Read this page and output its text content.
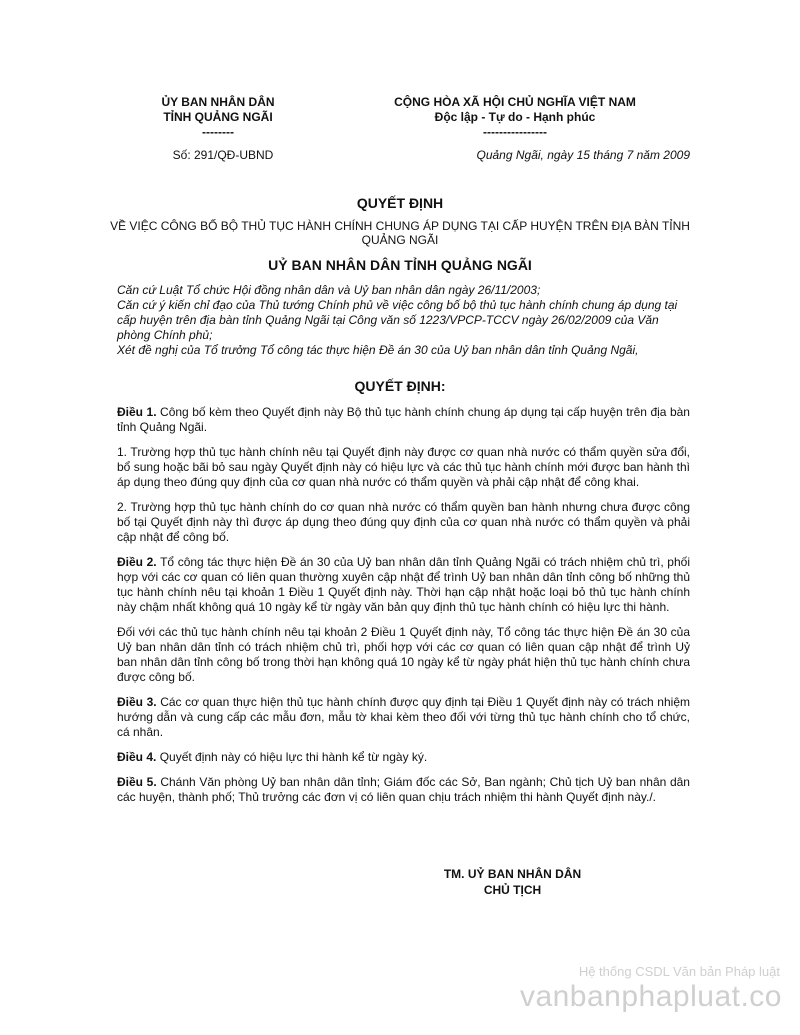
ỦY BAN NHÂN DÂN
TỈNH QUẢNG NGÃI
--------
CỘNG HÒA XÃ HỘI CHỦ NGHĨA VIỆT NAM
Độc lập - Tự do - Hạnh phúc
----------------
Số: 291/QĐ-UBND	Quảng Ngãi, ngày 15 tháng 7 năm 2009
QUYẾT ĐỊNH
VỀ VIỆC CÔNG BỐ BỘ THỦ TỤC HÀNH CHÍNH CHUNG ÁP DỤNG TẠI CẤP HUYỆN TRÊN ĐỊA BÀN TỈNH QUẢNG NGÃI
UỶ BAN NHÂN DÂN TỈNH QUẢNG NGÃI

Căn cứ Luật Tổ chức Hội đồng nhân dân và Uỷ ban nhân dân ngày 26/11/2003;

Căn cứ ý kiến chỉ đạo của Thủ tướng Chính phủ về việc công bố bộ thủ tục hành chính chung áp dụng tại cấp huyện trên địa bàn tỉnh Quảng Ngãi tại Công văn số 1223/VPCP-TCCV ngày 26/02/2009 của Văn phòng Chính phủ;

Xét đề nghị của Tổ trưởng Tổ công tác thực hiện Đề án 30 của Uỷ ban nhân dân tỉnh Quảng Ngãi,

QUYẾT ĐỊNH:

Điều 1. Công bố kèm theo Quyết định này Bộ thủ tục hành chính chung áp dụng tại cấp huyện trên địa bàn tỉnh Quảng Ngãi.

1. Trường hợp thủ tục hành chính nêu tại Quyết định này được cơ quan nhà nước có thẩm quyền sửa đổi, bổ sung hoặc bãi bỏ sau ngày Quyết định này có hiệu lực và các thủ tục hành chính mới được ban hành thì áp dụng theo đúng quy định của cơ quan nhà nước có thẩm quyền và phải cập nhật để công khai.

2. Trường hợp thủ tục hành chính do cơ quan nhà nước có thẩm quyền ban hành nhưng chưa được công bố tại Quyết định này thì được áp dụng theo đúng quy định của cơ quan nhà nước có thẩm quyền và phải cập nhật để công bố.

Điều 2. Tổ công tác thực hiện Đề án 30 của Uỷ ban nhân dân tỉnh Quảng Ngãi có trách nhiệm chủ trì, phối hợp với các cơ quan có liên quan thường xuyên cập nhật để trình Uỷ ban nhân dân tỉnh công bố những thủ tục hành chính nêu tại khoản 1 Điều 1 Quyết định này. Thời hạn cập nhật hoặc loại bỏ thủ tục hành chính này chậm nhất không quá 10 ngày kể từ ngày văn bản quy định thủ tục hành chính có hiệu lực thi hành.

Đối với các thủ tục hành chính nêu tại khoản 2 Điều 1 Quyết định này, Tổ công tác thực hiện Đề án 30 của Uỷ ban nhân dân tỉnh có trách nhiệm chủ trì, phối hợp với các cơ quan có liên quan cập nhật để trình Uỷ ban nhân dân tỉnh công bố trong thời hạn không quá 10 ngày kể từ ngày phát hiện thủ tục hành chính chưa được công bố.

Điều 3. Các cơ quan thực hiện thủ tục hành chính được quy định tại Điều 1 Quyết định này có trách nhiệm hướng dẫn và cung cấp các mẫu đơn, mẫu tờ khai kèm theo đối với từng thủ tục hành chính cho tổ chức, cá nhân.

Điều 4. Quyết định này có hiệu lực thi hành kể từ ngày ký.

Điều 5. Chánh Văn phòng Uỷ ban nhân dân tỉnh; Giám đốc các Sở, Ban ngành; Chủ tịch Uỷ ban nhân dân các huyện, thành phố; Thủ trưởng các đơn vị có liên quan chịu trách nhiệm thi hành Quyết định này./.

TM. UỶ BAN NHÂN DÂN
CHỦ TỊCH
Hệ thống CSDL Văn bản Pháp luật
vanbanphapluat.co
